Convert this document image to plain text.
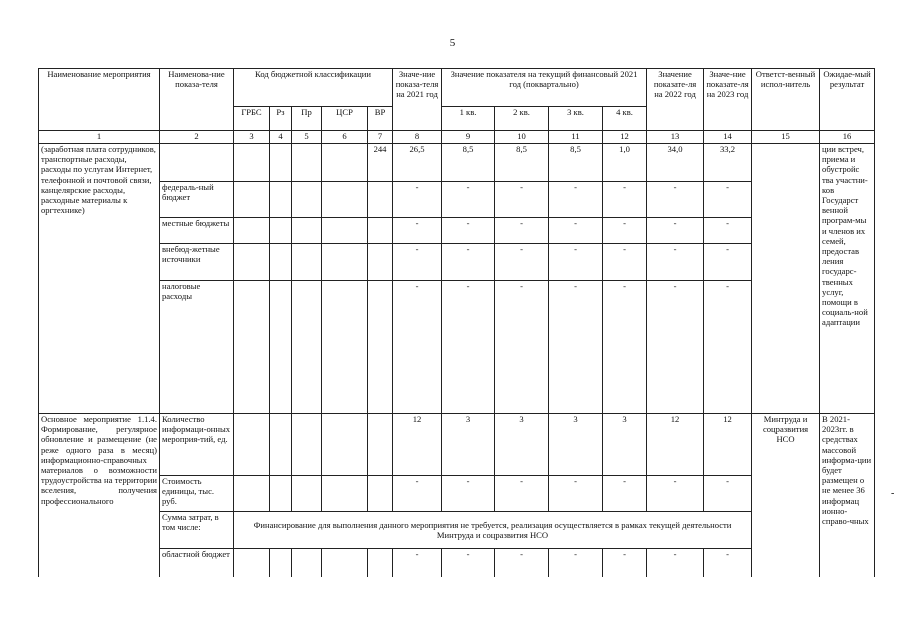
5
-
Наименование мероприятия	Наименова-ние показа-теля	Код бюджетной классификации					Значе-ние показа-теля на 2021 год	Значение показателя на текущий финансовый 2021 год (поквартально)				Значение показате-ля на 2022 год	Значе-ние показате-ля на 2023 год	Ответст-венный испол-нитель	Ожидае-мый результат
		ГРБС	Рз	Пр	ЦСР	ВР		1 кв.	2 кв.	3 кв.	4 кв.				
1	2	3	4	5	6	7	8	9	10	11	12	13	14	15	16
(заработная плата сотрудников, транспортные расходы, расходы по услугам Интернет, телефонной и почтовой связи, канцелярские расходы, расходные материалы к оргтехнике)						244	26,5	8,5	8,5	8,5	1,0	34,0	33,2		ции встреч, приема и обустройс тва участни-ков Государст венной програм-мы и членов их семей, предостав ления государс-твенных услуг, помощи в социаль-ной адаптации
	федераль-ный бюджет						-	-	-	-	-	-	-		
	местные бюджеты						-	-	-	-	-	-	-		
	внебюд-жетные источники						-	-	-	-	-	-	-		
	налоговые расходы						-	-	-	-	-	-	-		
Основное мероприятие 1.1.4. Формирование, регулярное обновление и размещение (не реже одного раза в месяц) информационно-справочных материалов о возможности трудоустройства на территории вселения, получения профессионального	Количество информаци-онных мероприя-тий, ед.						12	3	3	3	3	12	12	Минтруда и соцразвития НСО	В 2021-2023гг. в средствах массовой информа-ции будет размещен о не менее 36 информац ионно-справо-чных
	Стоимость единицы, тыс. руб.						-	-	-	-	-	-	-		
	Сумма затрат, в том числе:	Финансирование для выполнения данного мероприятия не требуется, реализация осуществляется в рамках текущей деятельности Минтруда и соцразвития НСО													
	областной бюджет						-	-	-	-	-	-	-		
